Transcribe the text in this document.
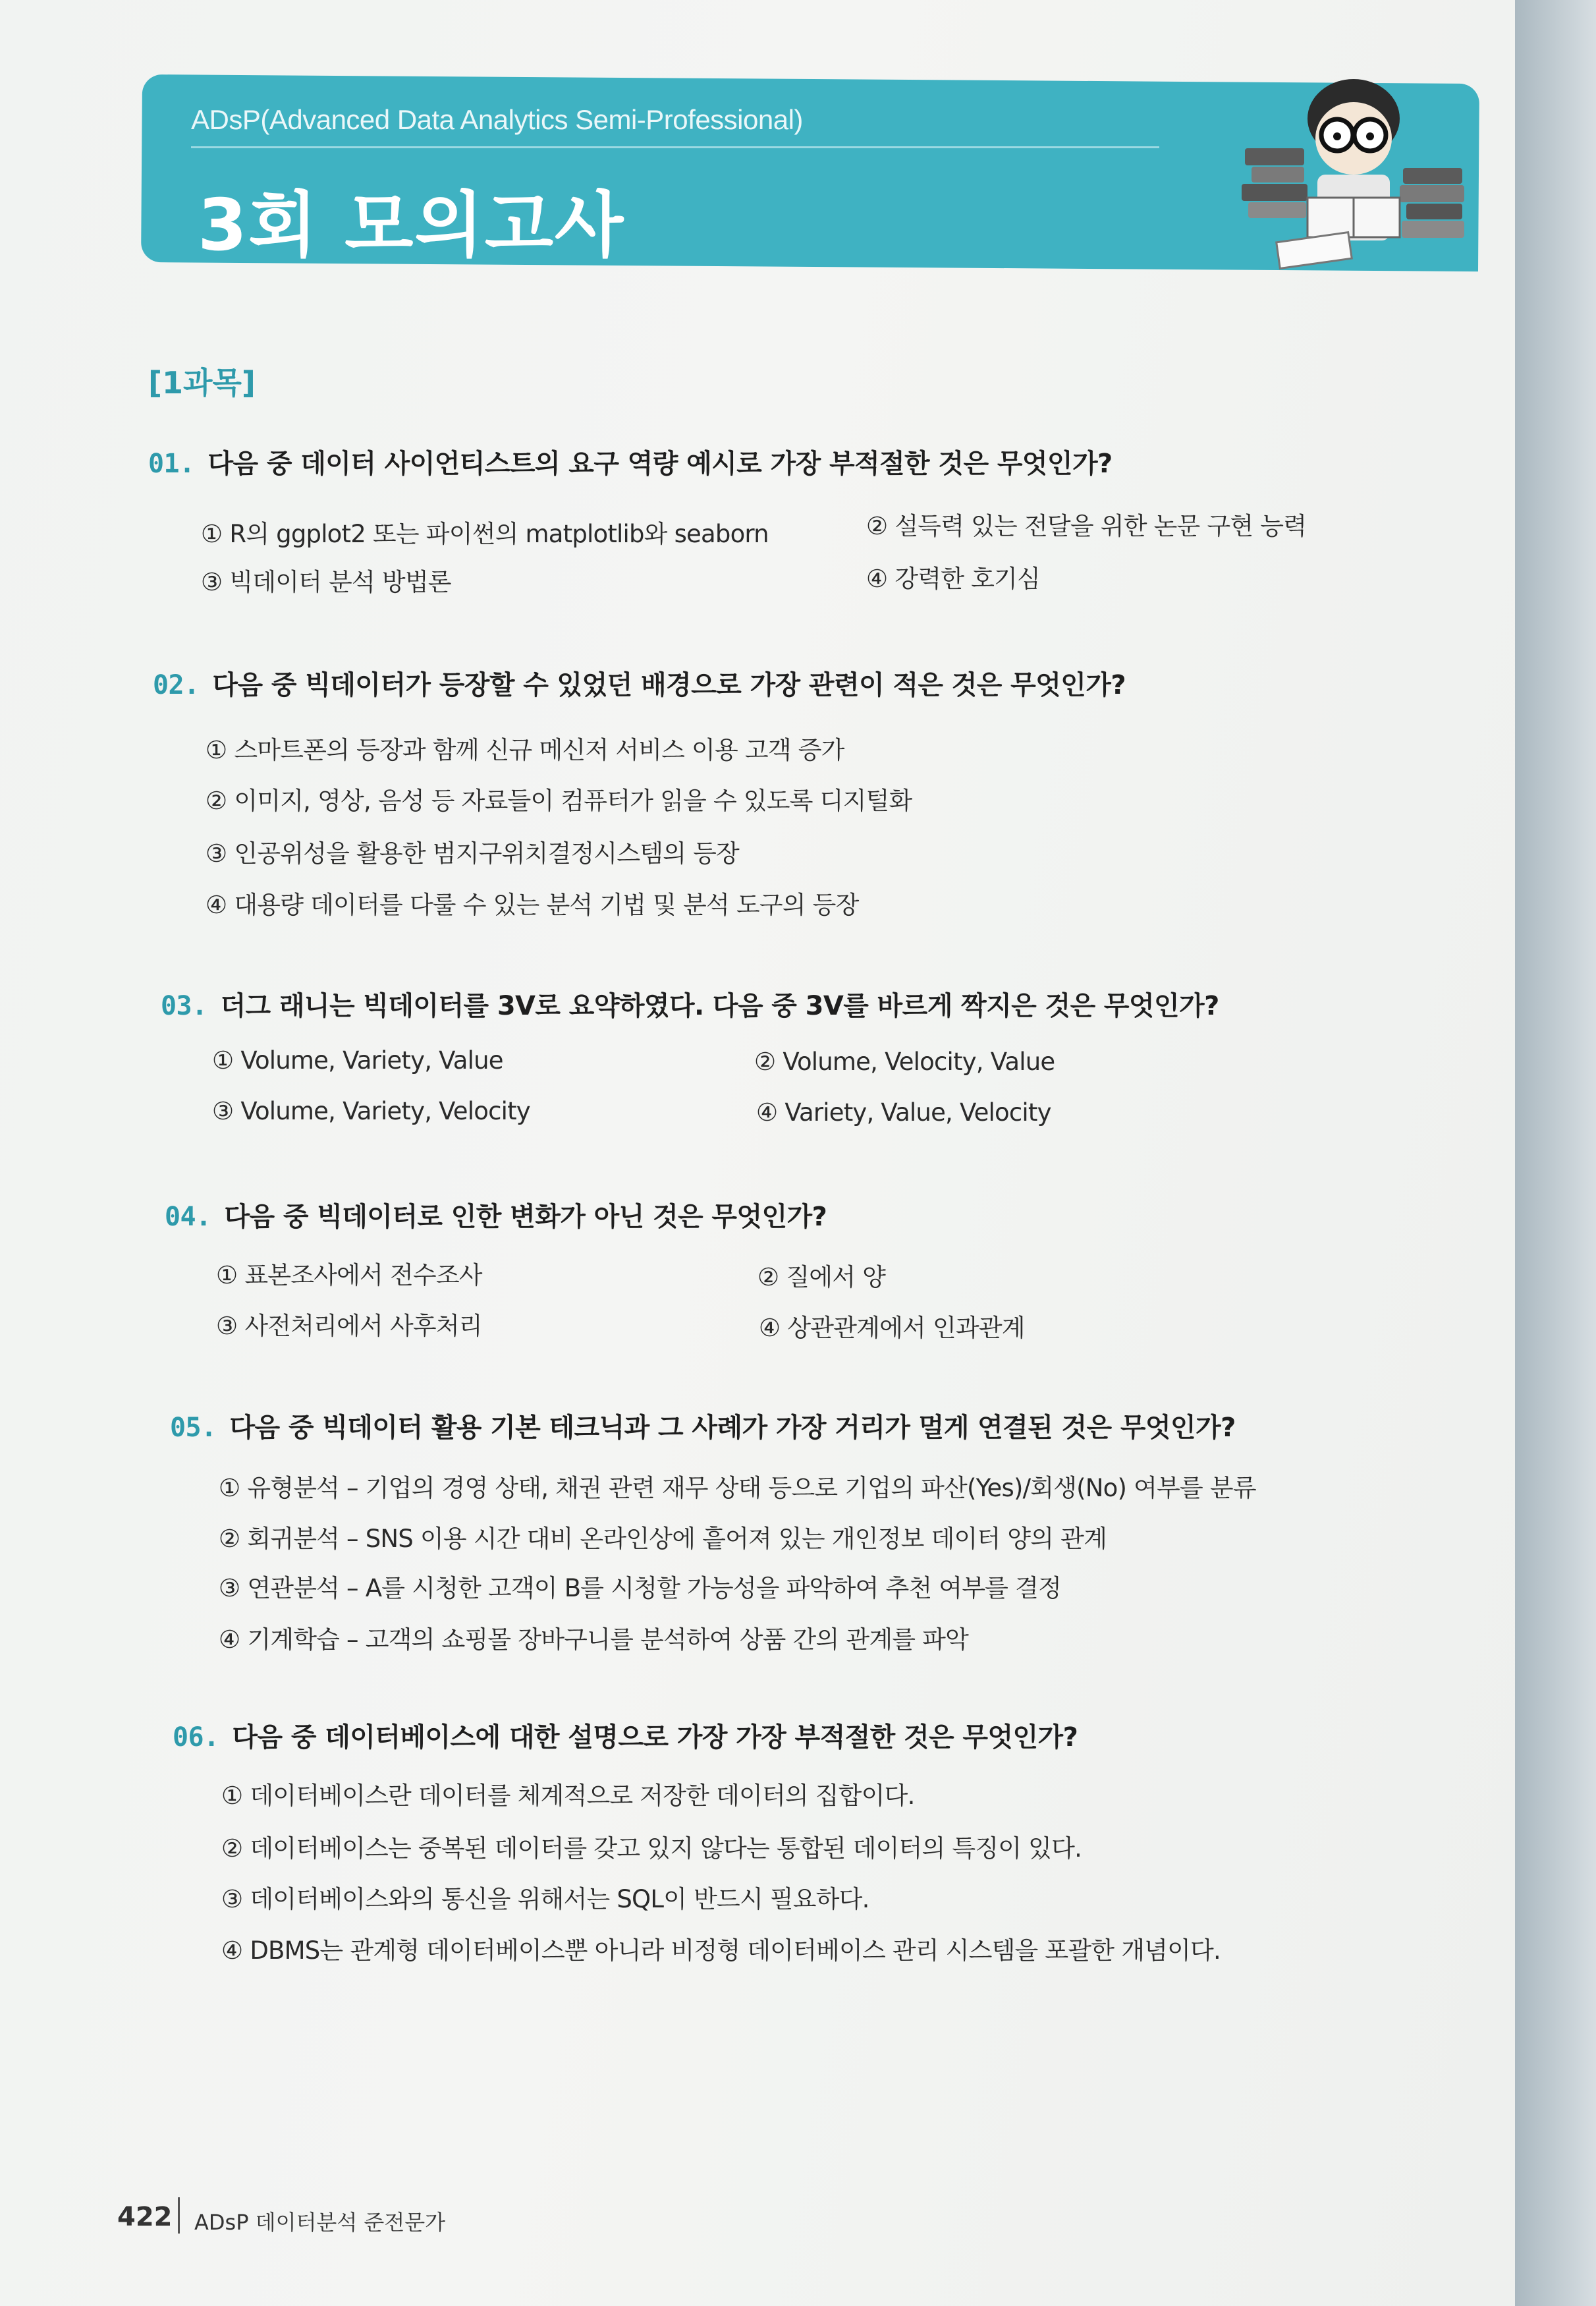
ADsP(Advanced Data Analytics Semi-Professional)
3회 모의고사
[1과목]
01. 다음 중 데이터 사이언티스트의 요구 역량 예시로 가장 부적절한 것은 무엇인가?
① R의 ggplot2 또는 파이썬의 matplotlib와 seaborn	② 설득력 있는 전달을 위한 논문 구현 능력
③ 빅데이터 분석 방법론	④ 강력한 호기심
02. 다음 중 빅데이터가 등장할 수 있었던 배경으로 가장 관련이 적은 것은 무엇인가?
① 스마트폰의 등장과 함께 신규 메신저 서비스 이용 고객 증가
② 이미지, 영상, 음성 등 자료들이 컴퓨터가 읽을 수 있도록 디지털화
③ 인공위성을 활용한 범지구위치결정시스템의 등장
④ 대용량 데이터를 다룰 수 있는 분석 기법 및 분석 도구의 등장
03. 더그 래니는 빅데이터를 3V로 요약하였다. 다음 중 3V를 바르게 짝지은 것은 무엇인가?
① Volume, Variety, Value	② Volume, Velocity, Value
③ Volume, Variety, Velocity	④ Variety, Value, Velocity
04. 다음 중 빅데이터로 인한 변화가 아닌 것은 무엇인가?
① 표본조사에서 전수조사	② 질에서 양
③ 사전처리에서 사후처리	④ 상관관계에서 인과관계
05. 다음 중 빅데이터 활용 기본 테크닉과 그 사례가 가장 거리가 멀게 연결된 것은 무엇인가?
① 유형분석 – 기업의 경영 상태, 채권 관련 재무 상태 등으로 기업의 파산(Yes)/회생(No) 여부를 분류
② 회귀분석 – SNS 이용 시간 대비 온라인상에 흩어져 있는 개인정보 데이터 양의 관계
③ 연관분석 – A를 시청한 고객이 B를 시청할 가능성을 파악하여 추천 여부를 결정
④ 기계학습 – 고객의 쇼핑몰 장바구니를 분석하여 상품 간의 관계를 파악
06. 다음 중 데이터베이스에 대한 설명으로 가장 가장 부적절한 것은 무엇인가?
① 데이터베이스란 데이터를 체계적으로 저장한 데이터의 집합이다.
② 데이터베이스는 중복된 데이터를 갖고 있지 않다는 통합된 데이터의 특징이 있다.
③ 데이터베이스와의 통신을 위해서는 SQL이 반드시 필요하다.
④ DBMS는 관계형 데이터베이스뿐 아니라 비정형 데이터베이스 관리 시스템을 포괄한 개념이다.
422 ADsP 데이터분석 준전문가
